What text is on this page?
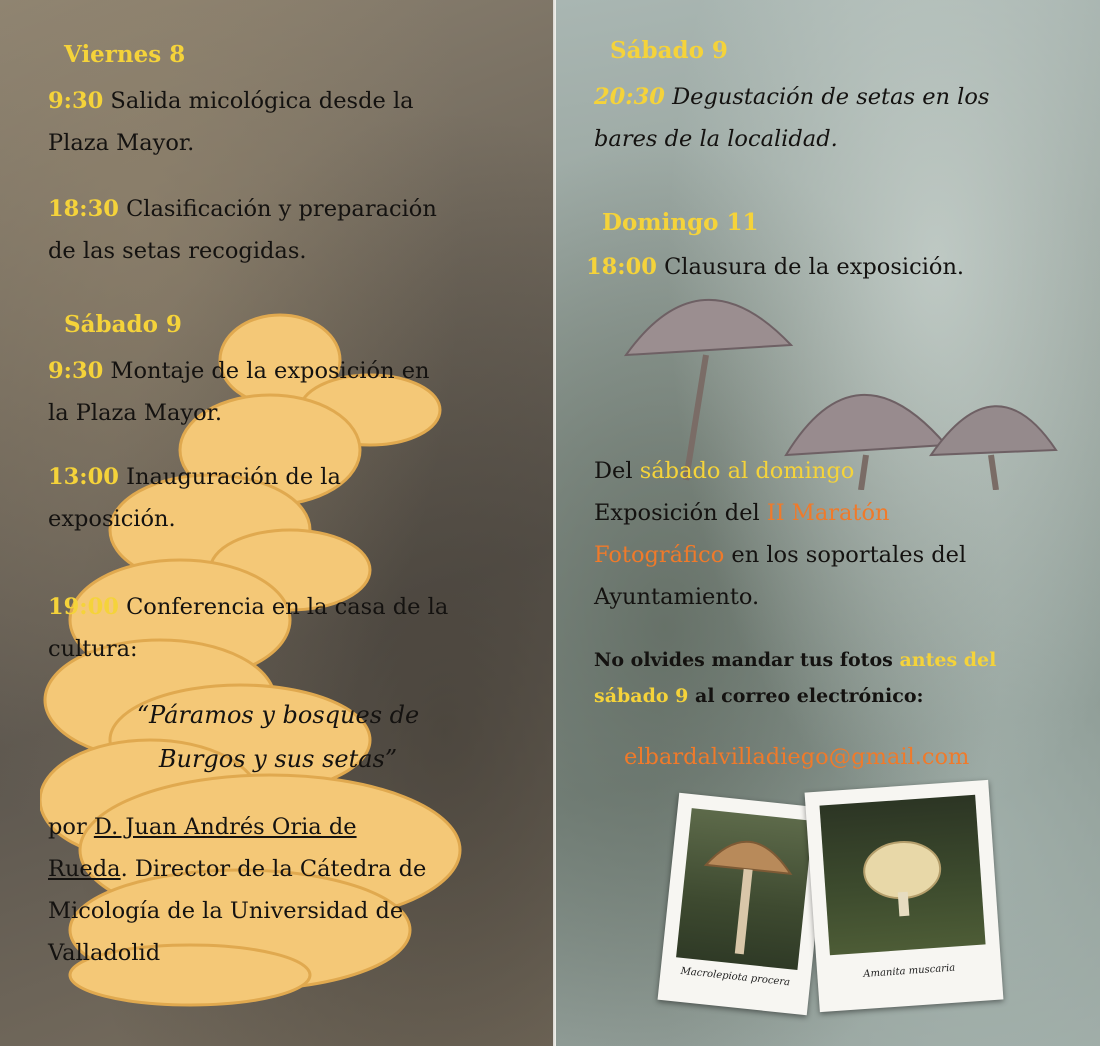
Viernes 8

9:30 Salida micológica desde la

Plaza Mayor.

18:30 Clasificación y preparación

de las setas recogidas.

Sábado 9

9:30 Montaje de la exposición en

la Plaza Mayor.

13:00 Inauguración de la

exposición.

19:00 Conferencia en la casa de la

cultura:

“Páramos y bosques de

Burgos y sus setas”

por D. Juan Andrés Oria de

Rueda. Director de la Cátedra de

Micología de la Universidad de

Valladolid

Sábado 9

20:30 Degustación de setas en los

bares de la localidad.

Domingo 11

18:00 Clausura de la exposición.

Del sábado al domingo

Exposición del II Maratón

Fotográfico en los soportales del

Ayuntamiento.

No olvides mandar tus fotos antes del

sábado 9 al correo electrónico:

elbardalvilladiego@gmail.com

Macrolepiota procera	Amanita muscaria
